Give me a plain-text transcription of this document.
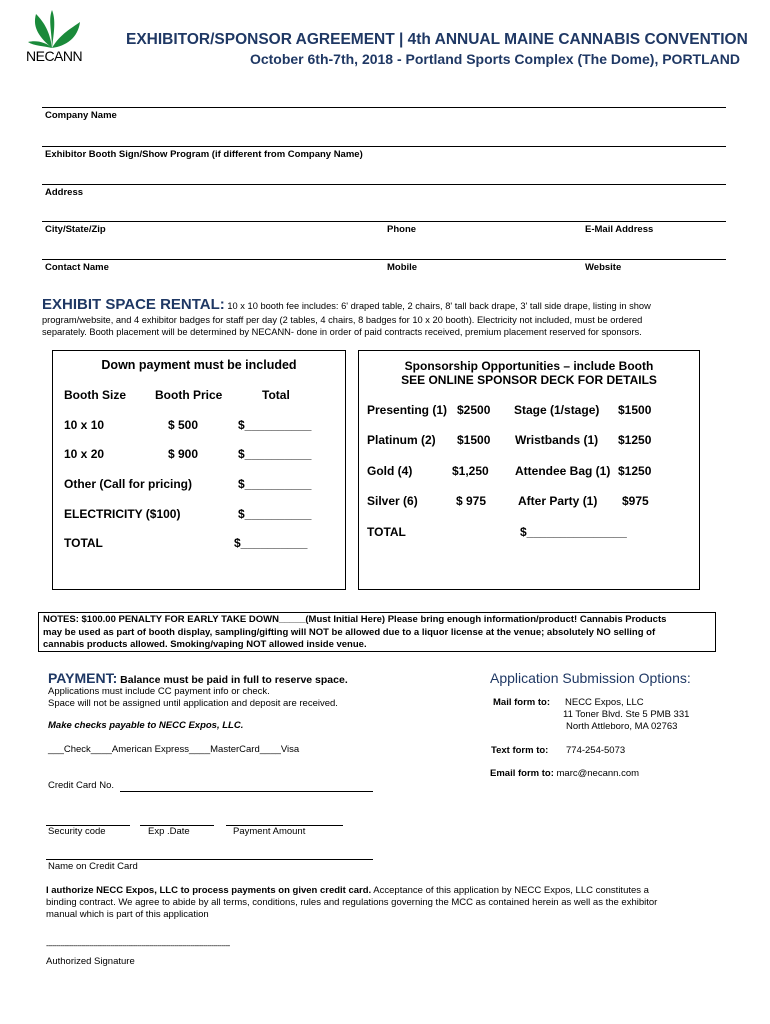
NECANN
EXHIBITOR/SPONSOR AGREEMENT | 4th ANNUAL MAINE CANNABIS CONVENTION
October 6th-7th, 2018 - Portland Sports Complex (The Dome), PORTLAND
Company Name
Exhibitor Booth Sign/Show Program (if different from Company Name)
Address
City/State/Zip	Phone	E-Mail Address
Contact Name	Mobile	Website
EXHIBIT SPACE RENTAL: 10 x 10 booth fee includes: 6' draped table, 2 chairs, 8' tall back drape, 3' tall side drape, listing in show
program/website, and 4 exhibitor badges for staff per day (2 tables, 4 chairs, 8 badges for 10 x 20 booth). Electricity not included, must be ordered
separately. Booth placement will be determined by NECANN- done in order of paid contracts received, premium placement reserved for sponsors.
Down payment must be included
Booth Size Booth Price	Total
10 x 10	$ 500	$__________
10 x 20	$ 900	$__________
Other (Call for pricing)	$__________
ELECTRICITY ($100)	$__________
TOTAL	$__________
Sponsorship Opportunities – include Booth
SEE ONLINE SPONSOR DECK FOR DETAILS
Presenting (1) $2500 Stage (1/stage) $1500
Platinum (2) $1500 Wristbands (1) $1250
Gold (4)	$1,250 Attendee Bag (1) $1250
Silver (6)	$ 975	After Party (1) $975
TOTAL	$_______________
NOTES: $100.00 PENALTY FOR EARLY TAKE DOWN_____(Must Initial Here) Please bring enough information/product! Cannabis Products
may be used as part of booth display, sampling/gifting will NOT be allowed due to a liquor license at the venue; absolutely NO selling of
cannabis products allowed. Smoking/vaping NOT allowed inside venue.
PAYMENT: Balance must be paid in full to reserve space.
Applications must include CC payment info or check.
Space will not be assigned until application and deposit are received.
Make checks payable to NECC Expos, LLC.
___Check____American Express____MasterCard____Visa
Credit Card No.
Security code	Exp .Date	Payment Amount
Name on Credit Card
Application Submission Options:
Mail form to: NECC Expos, LLC
11 Toner Blvd. Ste 5 PMB 331
North Attleboro, MA 02763
Text form to: 774-254-5073
Email form to: marc@necann.com
I authorize NECC Expos, LLC to process payments on given credit card. Acceptance of this application by NECC Expos, LLC constitutes a
binding contract. We agree to abide by all terms, conditions, rules and regulations governing the MCC as contained herein as well as the exhibitor
manual which is part of this application
-----------------------------------------------------------------------------------------
Authorized Signature
